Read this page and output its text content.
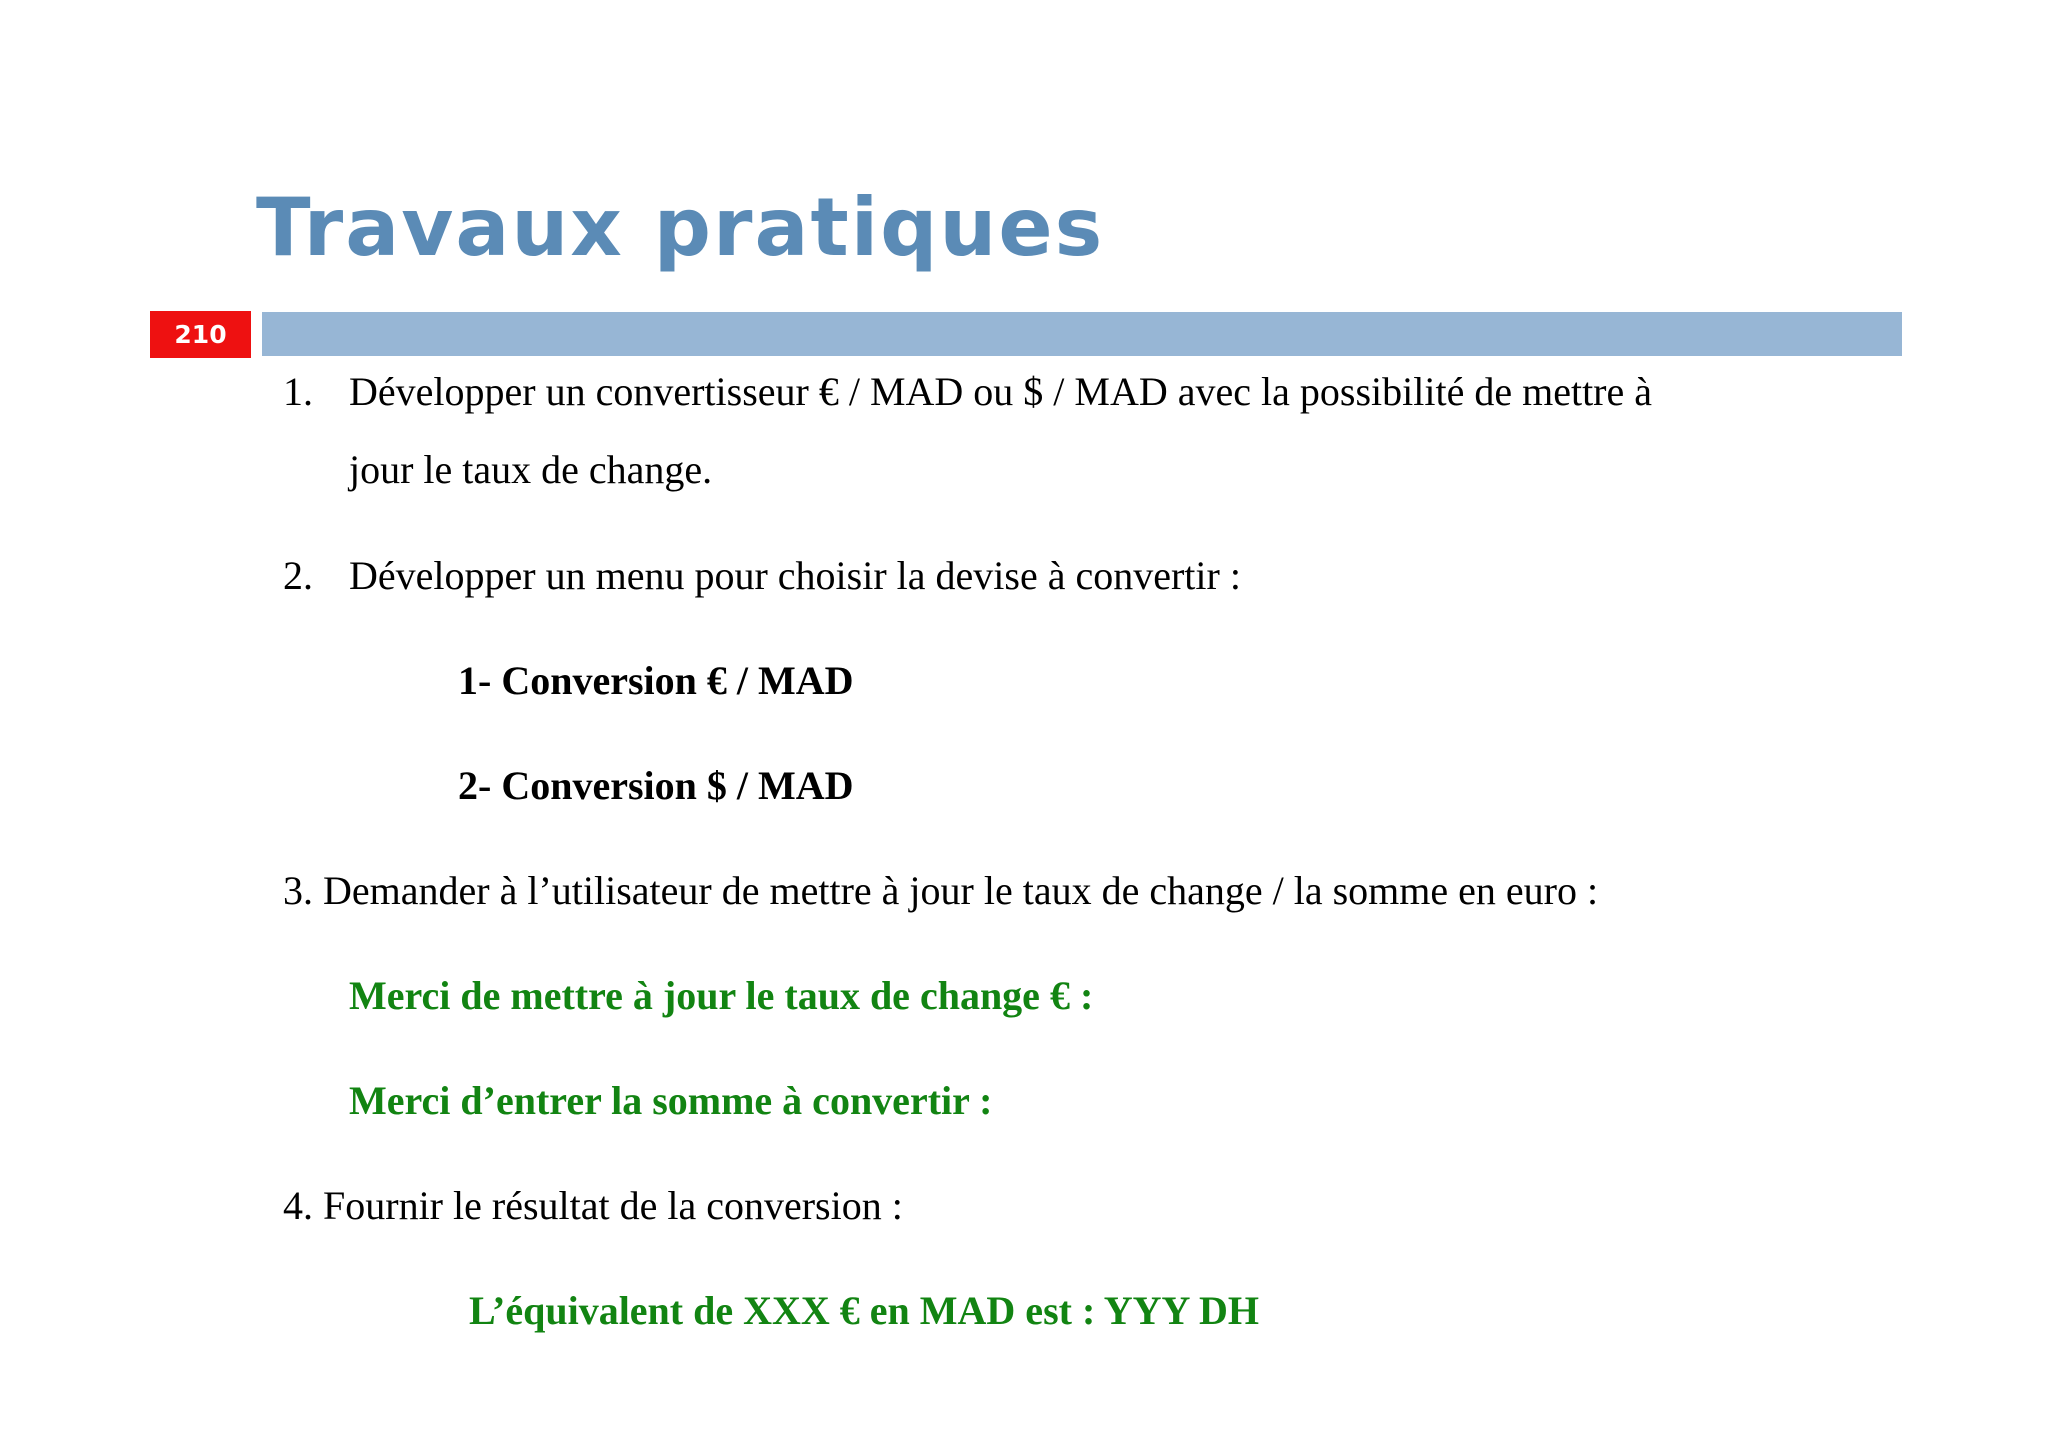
Travaux pratiques
210

1. Développer un convertisseur € / MAD ou $ / MAD avec la possibilité de mettre à

jour le taux de change.

2. Développer un menu pour choisir la devise à convertir :

1- Conversion € / MAD

2- Conversion $ / MAD

3. Demander à l’utilisateur de mettre à jour le taux de change / la somme en euro :

Merci de mettre à jour le taux de change € :

Merci d’entrer la somme à convertir :

4. Fournir le résultat de la conversion :

L’équivalent de XXX € en MAD est : YYY DH
